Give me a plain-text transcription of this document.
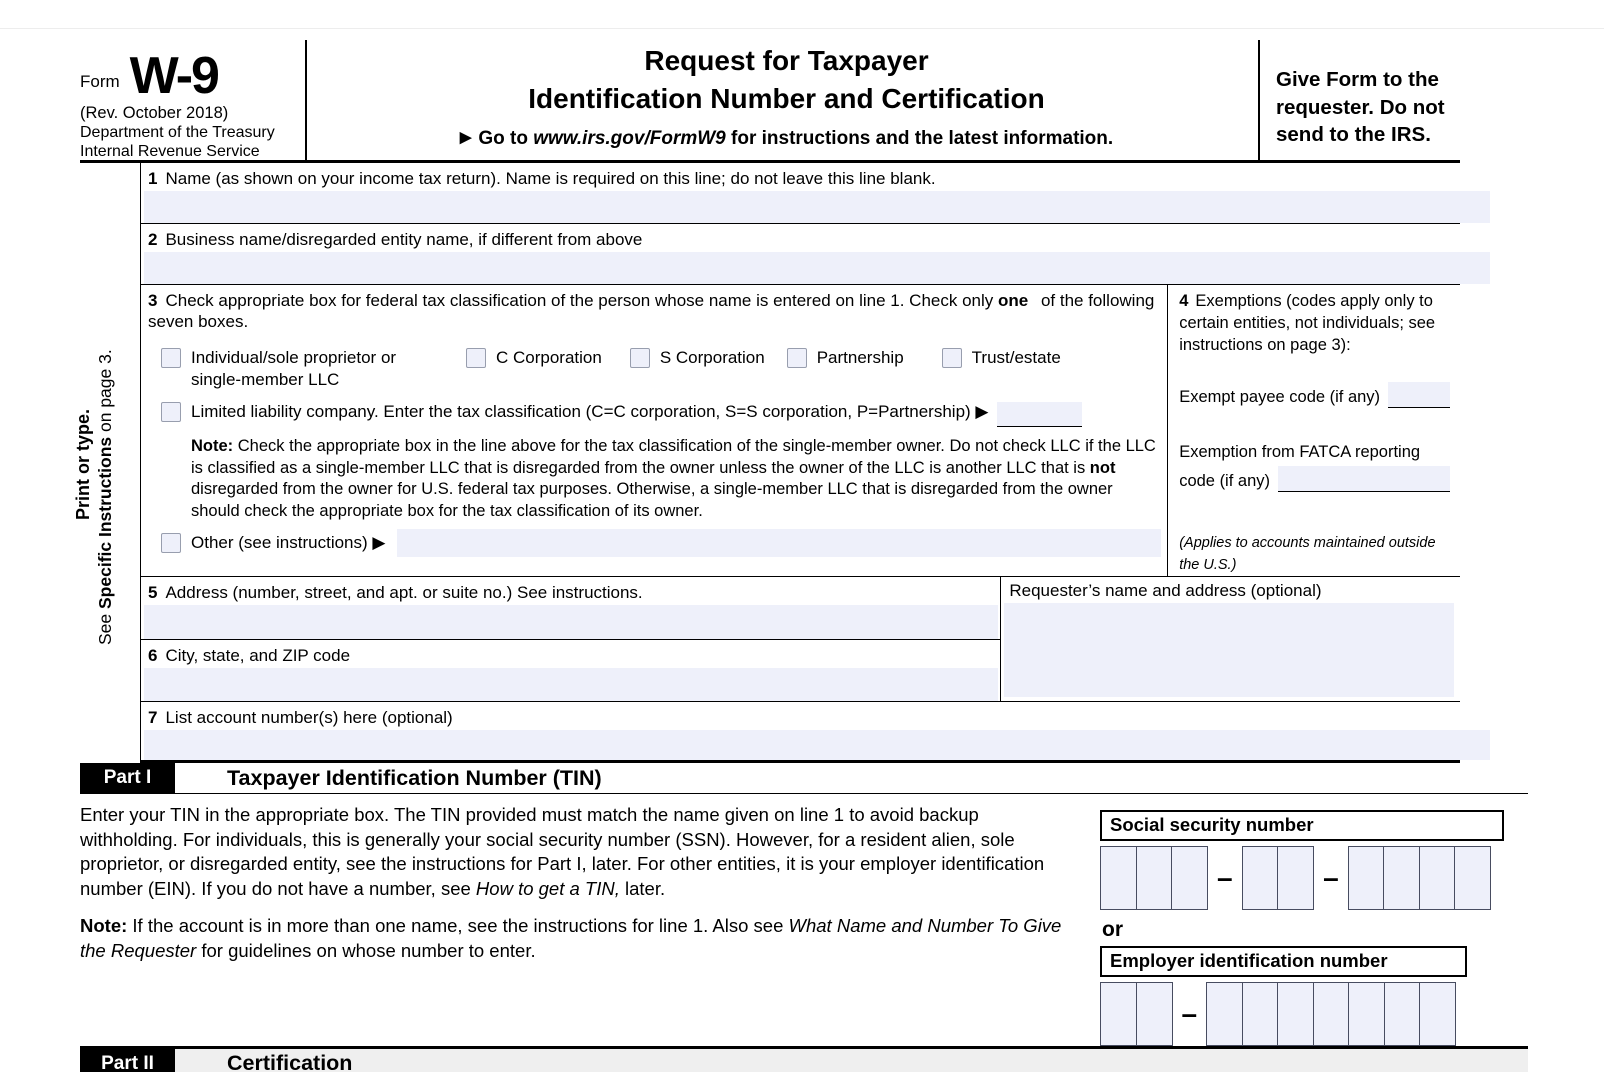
Form W-9
(Rev. October 2018)
Department of the Treasury
Internal Revenue Service
Request for Taxpayer
Identification Number and Certification
▶ Go to www.irs.gov/FormW9 for instructions and the latest information.
Give Form to the requester. Do not send to the IRS.
Print or type.
See Specific Instructions on page 3.
1 Name (as shown on your income tax return). Name is required on this line; do not leave this line blank.
2 Business name/disregarded entity name, if different from above
3 Check appropriate box for federal tax classification of the person whose name is entered on line 1. Check only one of the following seven boxes.
Individual/sole proprietor or single-member LLC
C Corporation	S Corporation	Partnership	Trust/estate
Limited liability company. Enter the tax classification (C=C corporation, S=S corporation, P=Partnership) ▶
Note: Check the appropriate box in the line above for the tax classification of the single-member owner. Do not check LLC if the LLC is classified as a single-member LLC that is disregarded from the owner unless the owner of the LLC is another LLC that is not disregarded from the owner for U.S. federal tax purposes. Otherwise, a single-member LLC that is disregarded from the owner should check the appropriate box for the tax classification of its owner.
Other (see instructions) ▶
4 Exemptions (codes apply only to certain entities, not individuals; see instructions on page 3):
Exempt payee code (if any)
Exemption from FATCA reporting
code (if any)
(Applies to accounts maintained outside the U.S.)
5 Address (number, street, and apt. or suite no.) See instructions.
6 City, state, and ZIP code
Requester’s name and address (optional)
7 List account number(s) here (optional)
Part I	Taxpayer Identification Number (TIN)

Enter your TIN in the appropriate box. The TIN provided must match the name given on line 1 to avoid backup withholding. For individuals, this is generally your social security number (SSN). However, for a resident alien, sole proprietor, or disregarded entity, see the instructions for Part I, later. For other entities, it is your employer identification number (EIN). If you do not have a number, see How to get a TIN, later.

Note: If the account is in more than one name, see the instructions for line 1. Also see What Name and Number To Give the Requester for guidelines on whose number to enter.

Social security number
–	–
or
Employer identification number
–
Part II	Certification
